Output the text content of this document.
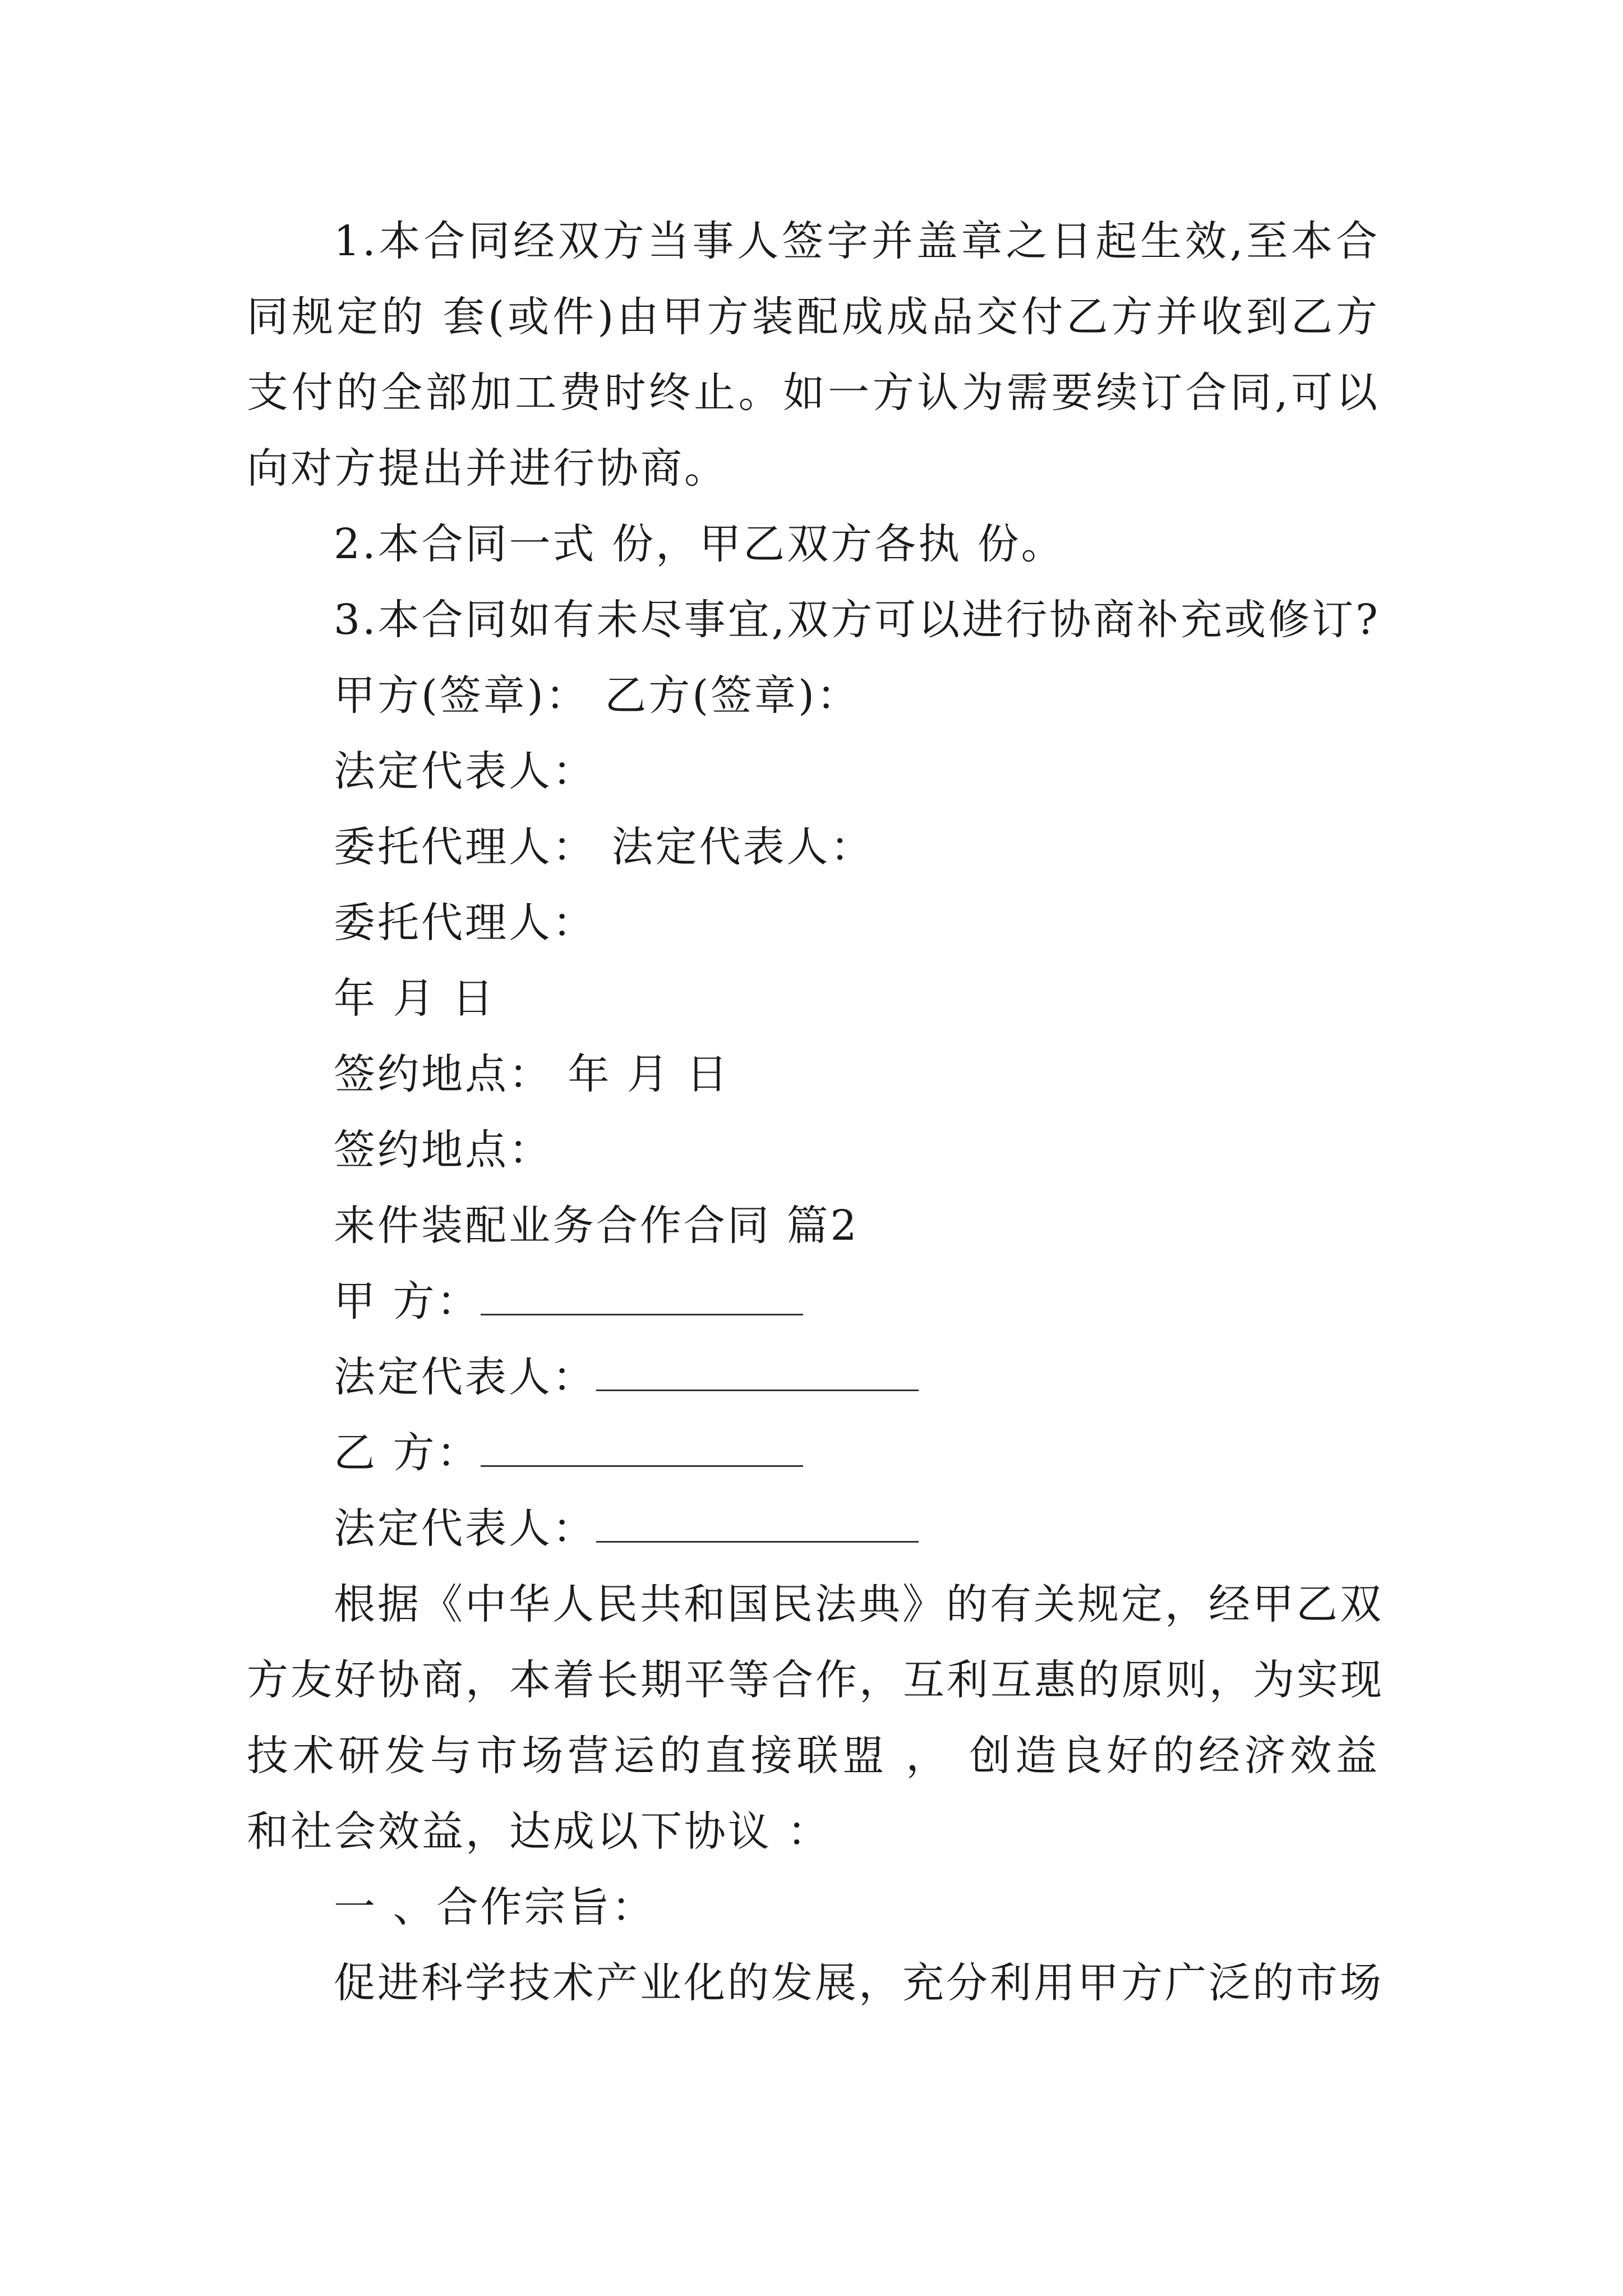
1.本合同经双方当事人签字并盖章之日起生效,至本合
同规定的 套(或件)由甲方装配成成品交付乙方并收到乙方
支付的全部加工费时终止。如一方认为需要续订合同,可以
向对方提出并进行协商。
2.本合同一式 份，甲乙双方各执 份。
3.本合同如有未尽事宜,双方可以进行协商补充或修订?
甲方(签章)： 乙方(签章)：
法定代表人：
委托代理人： 法定代表人：
委托代理人：
年 月 日
签约地点： 年 月 日
签约地点：
来件装配业务合作合同 篇2
甲 方：
法定代表人：
乙 方：
法定代表人：
根据《中华人民共和国民法典》的有关规定，经甲乙双
方友好协商，本着长期平等合作，互利互惠的原则，为实现
技术研发与市场营运的直接联盟 ， 创造良好的经济效益
和社会效益，达成以下协议 ：
一 、合作宗旨：
促进科学技术产业化的发展，充分利用甲方广泛的市场
